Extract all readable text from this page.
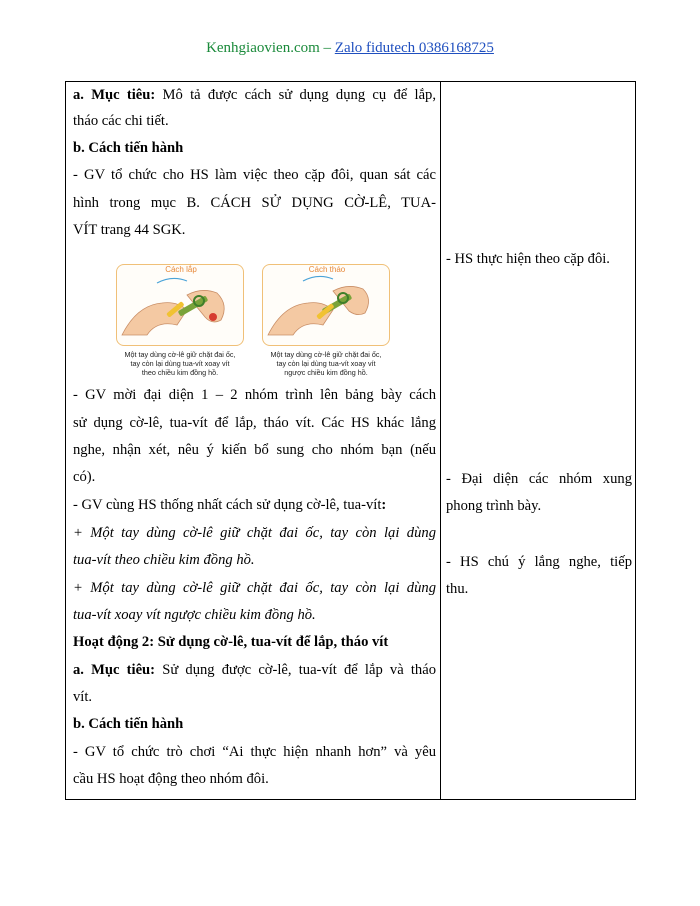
Kenhgiaovien.com – Zalo fidutech 0386168725
a. Mục tiêu: Mô tả được cách sử dụng dụng cụ để lắp,
tháo các chi tiết.
b. Cách tiến hành
- GV tổ chức cho HS làm việc theo cặp đôi, quan sát các
hình trong mục B. CÁCH SỬ DỤNG CỜ-LÊ, TUA-
VÍT trang 44 SGK.
- GV mời đại diện 1 – 2 nhóm trình lên bảng bày cách
sử dụng cờ-lê, tua-vít để lắp, tháo vít. Các HS khác lắng
nghe, nhận xét, nêu ý kiến bổ sung cho nhóm bạn (nếu
có).
- GV cùng HS thống nhất cách sử dụng cờ-lê, tua-vít:
+ Một tay dùng cờ-lê giữ chặt đai ốc, tay còn lại dùng
tua-vít theo chiều kim đồng hồ.
+ Một tay dùng cờ-lê giữ chặt đai ốc, tay còn lại dùng
tua-vít xoay vít ngược chiều kim đồng hồ.
Hoạt động 2: Sử dụng cờ-lê, tua-vít để lắp, tháo vít
a. Mục tiêu: Sử dụng được cờ-lê, tua-vít để lắp và tháo
vít.
b. Cách tiến hành
- GV tổ chức trò chơi “Ai thực hiện nhanh hơn” và yêu
cầu HS hoạt động theo nhóm đôi.
- HS thực hiện theo cặp đôi.
- Đại diện các nhóm xung
phong trình bày.
- HS chú ý lắng nghe, tiếp
thu.
Cách lắp	Cách tháo
Một tay dùng cờ-lê giữ chặt đai ốc,
tay còn lại dùng tua-vít xoay vít
theo chiều kim đồng hồ.
Một tay dùng cờ-lê giữ chặt đai ốc,
tay còn lại dùng tua-vít xoay vít
ngược chiều kim đồng hồ.
